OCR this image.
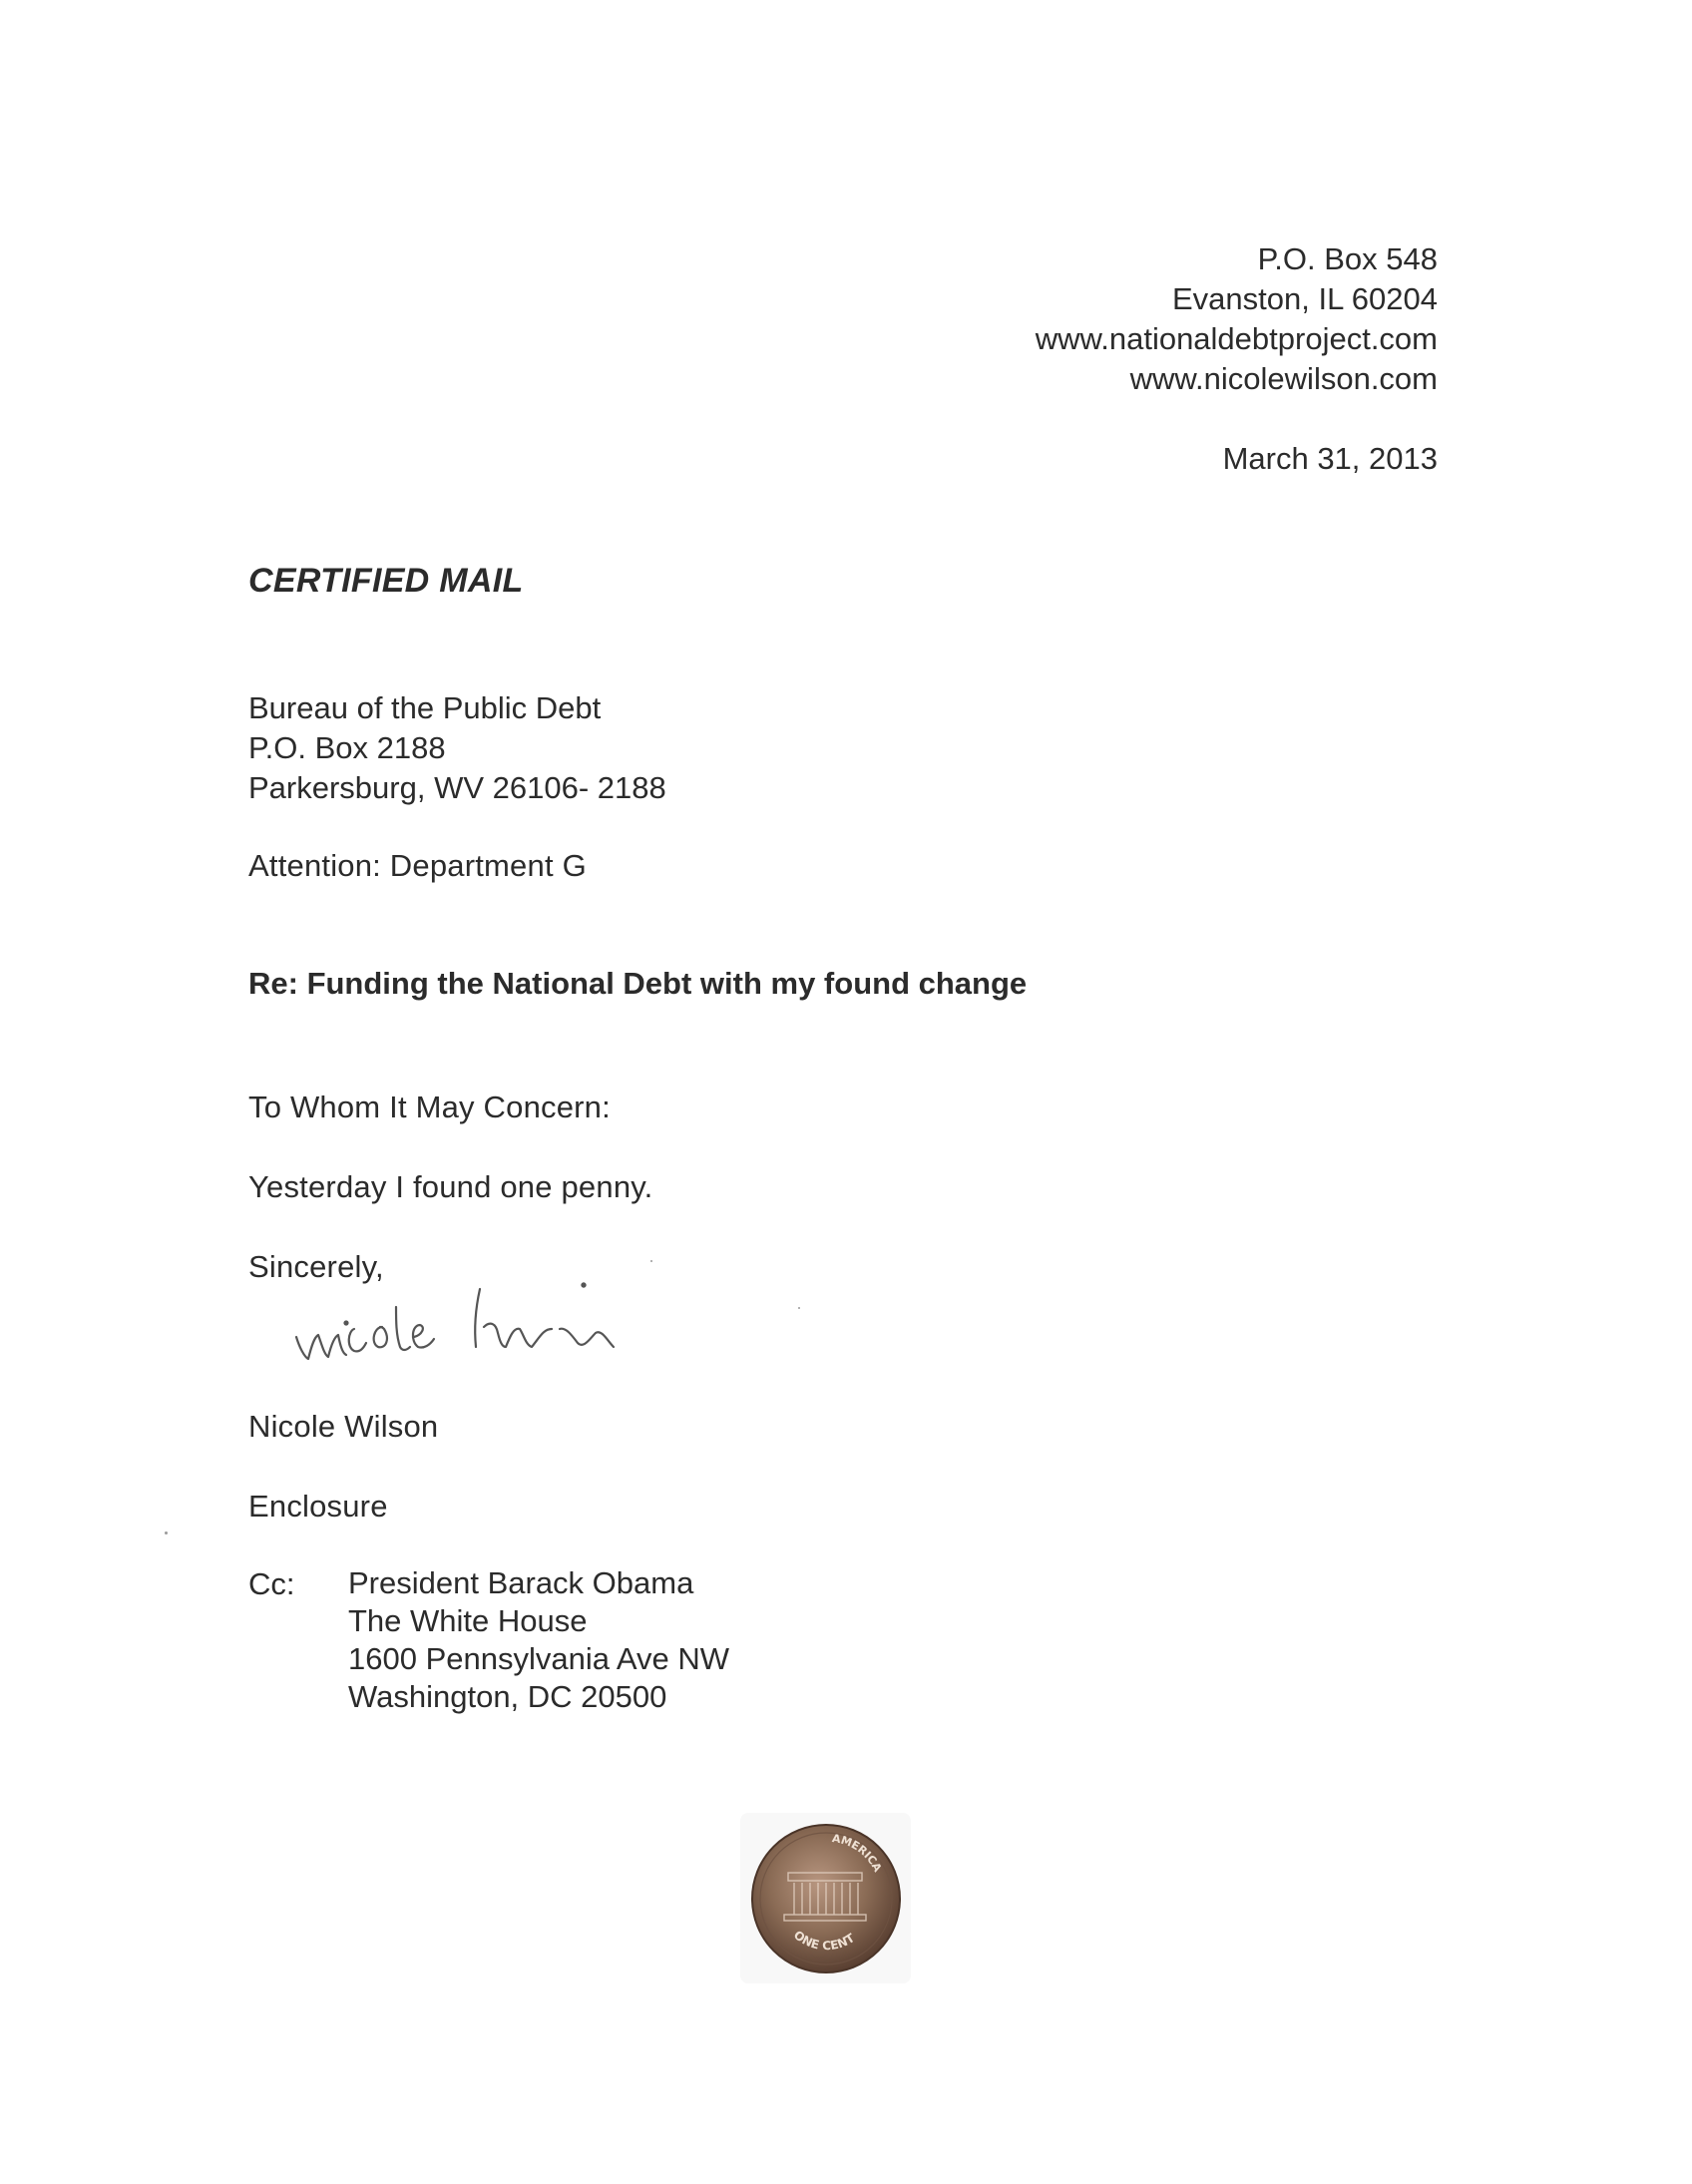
P.O. Box 548
Evanston, IL 60204
www.nationaldebtproject.com
www.nicolewilson.com
March 31, 2013
CERTIFIED MAIL
Bureau of the Public Debt
P.O. Box 2188
Parkersburg, WV 26106- 2188
Attention: Department G
Re: Funding the National Debt with my found change
To Whom It May Concern:
Yesterday I found one penny.
Sincerely,
Nicole Wilson
Enclosure
Cc: President Barack Obama
The White House
1600 Pennsylvania Ave NW
Washington, DC 20500
AMERICA
ONE CENT
